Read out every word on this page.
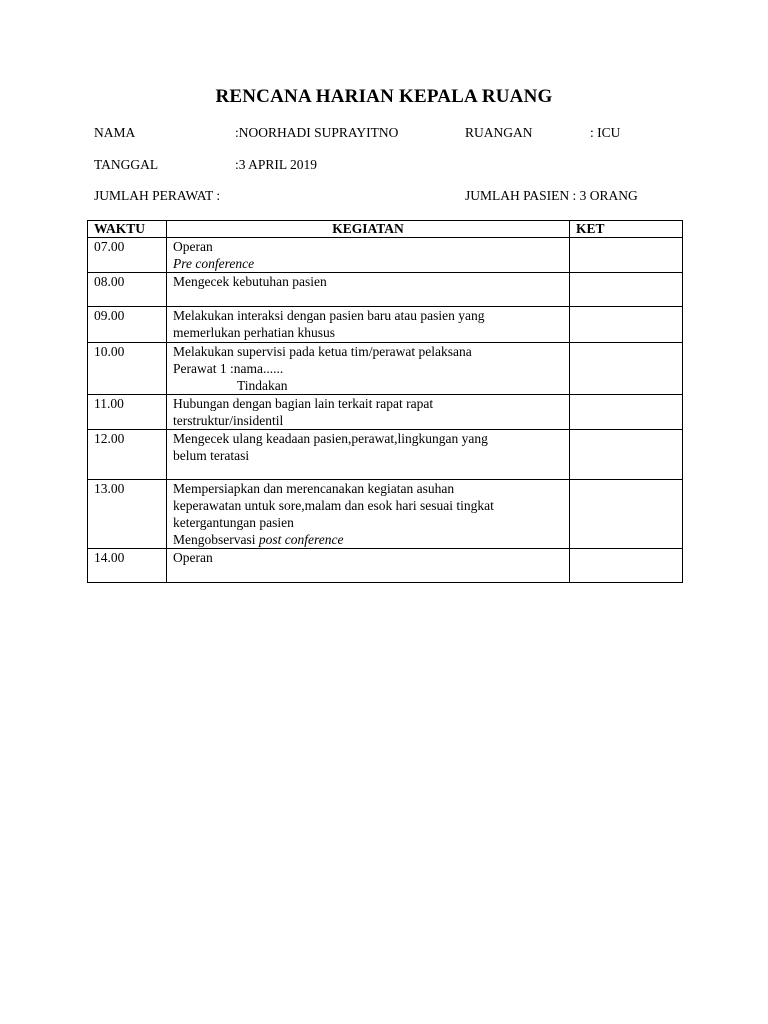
RENCANA HARIAN KEPALA RUANG
NAMA	:NOORHADI SUPRAYITNO	RUANGAN	: ICU
TANGGAL	:3 APRIL 2019
JUMLAH PERAWAT :	JUMLAH PASIEN : 3 ORANG
WAKTU	KEGIATAN	KET
07.00	Operan
Pre conference	

08.00	Mengecek kebutuhan pasien	

09.00	Melakukan interaksi dengan pasien baru atau pasien yang
memerlukan perhatian khusus	

10.00	Melakukan supervisi pada ketua tim/perawat pelaksana
Perawat 1 :nama......
Tindakan	

11.00	Hubungan dengan bagian lain terkait rapat rapat
terstruktur/insidentil	

12.00	Mengecek ulang keadaan pasien,perawat,lingkungan yang
belum teratasi	

13.00	Mempersiapkan dan merencanakan kegiatan asuhan
keperawatan untuk sore,malam dan esok hari sesuai tingkat
ketergantungan pasien
Mengobservasi post conference	

14.00	Operan	
